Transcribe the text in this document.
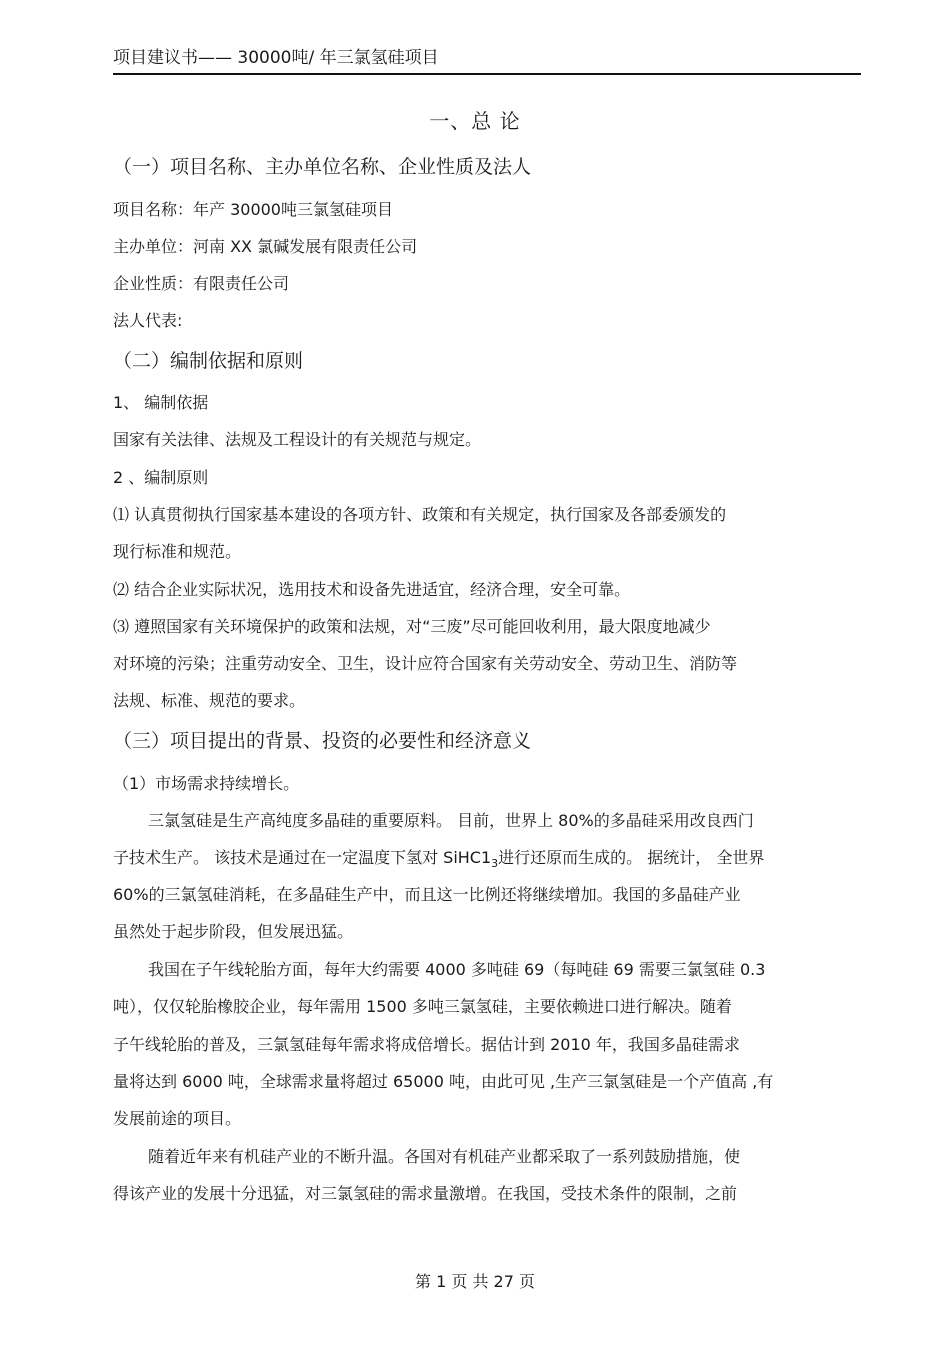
项目建议书—— 30000吨/ 年三氯氢硅项目
一、总 论
（一）项目名称、主办单位名称、企业性质及法人
项目名称：年产 30000吨三氯氢硅项目
主办单位：河南 XX 氯碱发展有限责任公司
企业性质：有限责任公司
法人代表:
（二）编制依据和原则
1、 编制依据
国家有关法律、法规及工程设计的有关规范与规定。
2 、编制原则
⑴ 认真贯彻执行国家基本建设的各项方针、政策和有关规定，执行国家及各部委颁发的
现行标准和规范。
⑵ 结合企业实际状况，选用技术和设备先进适宜，经济合理，安全可靠。
⑶ 遵照国家有关环境保护的政策和法规，对“三废”尽可能回收利用，最大限度地减少
对环境的污染；注重劳动安全、卫生，设计应符合国家有关劳动安全、劳动卫生、消防等
法规、标准、规范的要求。
（三）项目提出的背景、投资的必要性和经济意义
（1）市场需求持续增长。
三氯氢硅是生产高纯度多晶硅的重要原料。 目前，世界上 80%的多晶硅采用改良西门
子技术生产。 该技术是通过在一定温度下氢对 $SiHC1_3$进行还原而生成的。 据统计， 全世界
60%的三氯氢硅消耗，在多晶硅生产中，而且这一比例还将继续增加。我国的多晶硅产业
虽然处于起步阶段，但发展迅猛。
我国在子午线轮胎方面，每年大约需要 4000 多吨硅 69（每吨硅 69 需要三氯氢硅 0.3
吨），仅仅轮胎橡胶企业，每年需用 1500 多吨三氯氢硅，主要依赖进口进行解决。随着
子午线轮胎的普及，三氯氢硅每年需求将成倍增长。据估计到 2010 年，我国多晶硅需求
量将达到 6000 吨，全球需求量将超过 65000 吨，由此可见 ,生产三氯氢硅是一个产值高 ,有
发展前途的项目。
随着近年来有机硅产业的不断升温。各国对有机硅产业都采取了一系列鼓励措施，使
得该产业的发展十分迅猛，对三氯氢硅的需求量激增。在我国，受技术条件的限制，之前
第 1 页 共 27 页
